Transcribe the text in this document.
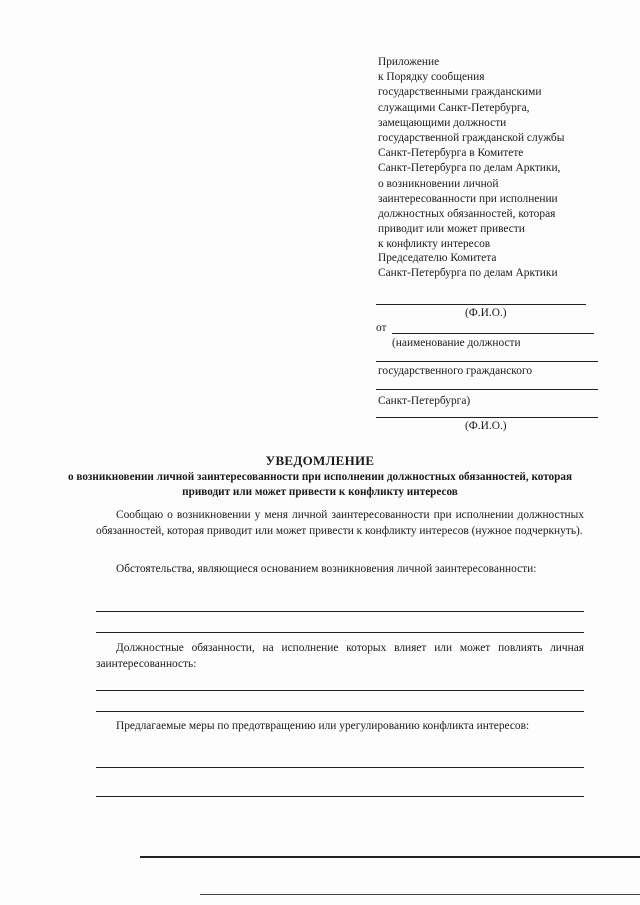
Приложение
к Порядку сообщения
государственными гражданскими
служащими Санкт-Петербурга,
замещающими должности
государственной гражданской службы
Санкт-Петербурга в Комитете
Санкт-Петербурга по делам Арктики,
о возникновении личной
заинтересованности при исполнении
должностных обязанностей, которая
приводит или может привести
к конфликту интересов
Председателю Комитета
Санкт-Петербурга по делам Арктики
(Ф.И.О.)
от
(наименование должности
государственного гражданского
Санкт-Петербурга)
(Ф.И.О.)
УВЕДОМЛЕНИЕ
о возникновении личной заинтересованности при исполнении должностных обязанностей, которая приводит или может привести к конфликту интересов
Сообщаю о возникновении у меня личной заинтересованности при исполнении должностных обязанностей, которая приводит или может привести к конфликту интересов (нужное подчеркнуть).
Обстоятельства, являющиеся основанием возникновения личной заинтересованности:
Должностные обязанности, на исполнение которых влияет или может повлиять личная заинтересованность:
Предлагаемые меры по предотвращению или урегулированию конфликта интересов:
